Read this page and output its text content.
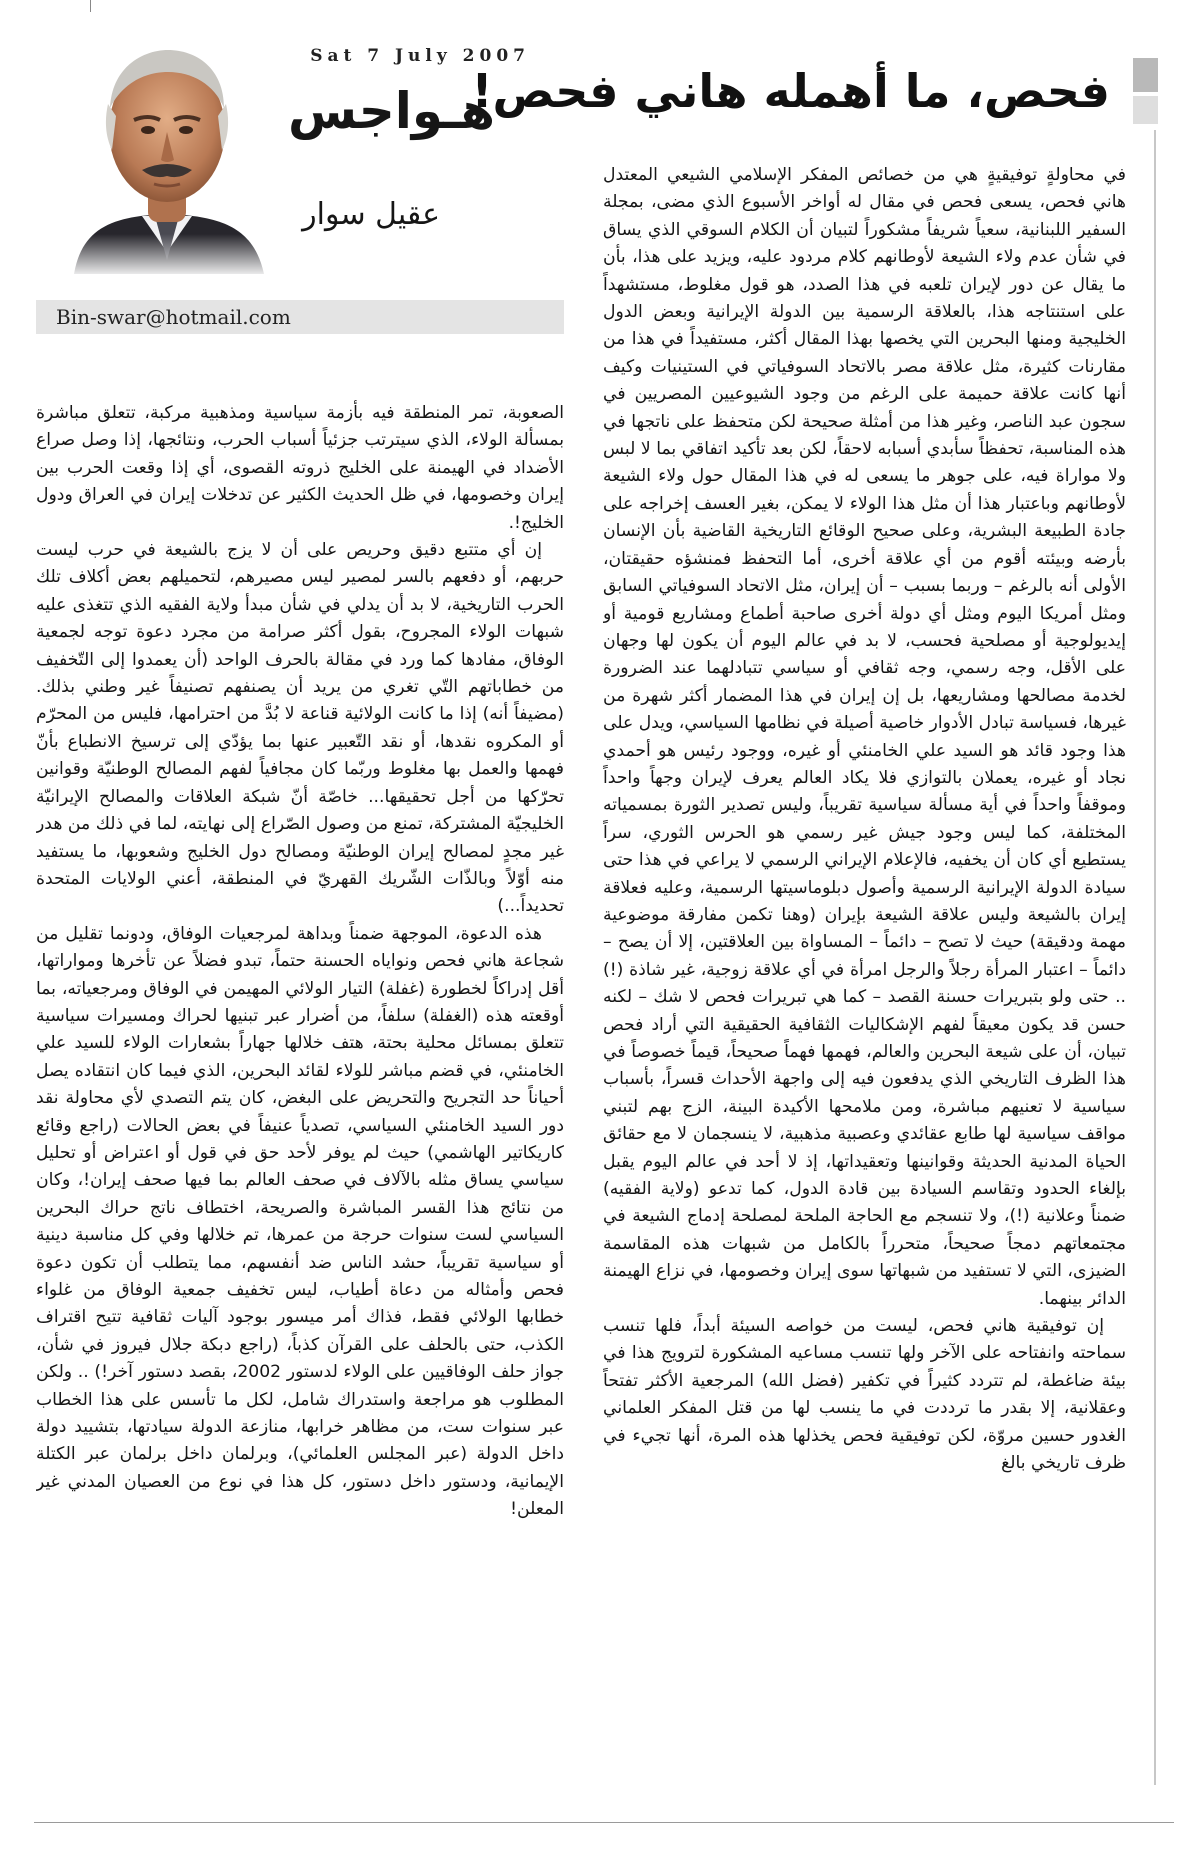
فحص، ما أهمله هاني فحص!
Sat 7 July 2007
هـواجس
عقيل سوار
Bin-swar@hotmail.com

في محاولةٍ توفيقيةٍ هي من خصائص المفكر الإسلامي الشيعي المعتدل هاني فحص، يسعى فحص في مقال له أواخر الأسبوع الذي مضى، بمجلة السفير اللبنانية، سعياً شريفاً مشكوراً لتبيان أن الكلام السوقي الذي يساق في شأن عدم ولاء الشيعة لأوطانهم كلام مردود عليه، ويزيد على هذا، بأن ما يقال عن دور لإيران تلعبه في هذا الصدد، هو قول مغلوط، مستشهداً على استنتاجه هذا، بالعلاقة الرسمية بين الدولة الإيرانية وبعض الدول الخليجية ومنها البحرين التي يخصها بهذا المقال أكثر، مستفيداً في هذا من مقارنات كثيرة، مثل علاقة مصر بالاتحاد السوفياتي في الستينيات وكيف أنها كانت علاقة حميمة على الرغم من وجود الشيوعيين المصريين في سجون عبد الناصر، وغير هذا من أمثلة صحيحة لكن متحفظ على ناتجها في هذه المناسبة، تحفظاً سأبدي أسبابه لاحقاً، لكن بعد تأكيد اتفاقي بما لا لبس ولا مواراة فيه، على جوهر ما يسعى له في هذا المقال حول ولاء الشيعة لأوطانهم وباعتبار هذا أن مثل هذا الولاء لا يمكن، بغير العسف إخراجه على جادة الطبيعة البشرية، وعلى صحيح الوقائع التاريخية القاضية بأن الإنسان بأرضه وبيئته أقوم من أي علاقة أخرى، أما التحفظ فمنشؤه حقيقتان، الأولى أنه بالرغم – وربما بسبب – أن إيران، مثل الاتحاد السوفياتي السابق ومثل أمريكا اليوم ومثل أي دولة أخرى صاحبة أطماع ومشاريع قومية أو إيديولوجية أو مصلحية فحسب، لا بد في عالم اليوم أن يكون لها وجهان على الأقل، وجه رسمي، وجه ثقافي أو سياسي تتبادلهما عند الضرورة لخدمة مصالحها ومشاريعها، بل إن إيران في هذا المضمار أكثر شهرة من غيرها، فسياسة تبادل الأدوار خاصية أصيلة في نظامها السياسي، ويدل على هذا وجود قائد هو السيد علي الخامنئي أو غيره، ووجود رئيس هو أحمدي نجاد أو غيره، يعملان بالتوازي فلا يكاد العالم يعرف لإيران وجهاً واحداً وموقفاً واحداً في أية مسألة سياسية تقريباً، وليس تصدير الثورة بمسمياته المختلفة، كما ليس وجود جيش غير رسمي هو الحرس الثوري، سراً يستطيع أي كان أن يخفيه، فالإعلام الإيراني الرسمي لا يراعي في هذا حتى سيادة الدولة الإيرانية الرسمية وأصول دبلوماسيتها الرسمية، وعليه فعلاقة إيران بالشيعة وليس علاقة الشيعة بإيران (وهنا تكمن مفارقة موضوعية مهمة ودقيقة) حيث لا تصح – دائماً – المساواة بين العلاقتين، إلا أن يصح – دائماً – اعتبار المرأة رجلاً والرجل امرأة في أي علاقة زوجية، غير شاذة (!) .. حتى ولو بتبريرات حسنة القصد – كما هي تبريرات فحص لا شك – لكنه حسن قد يكون معيقاً لفهم الإشكاليات الثقافية الحقيقية التي أراد فحص تبيان، أن على شيعة البحرين والعالم، فهمها فهماً صحيحاً، قيماً خصوصاً في هذا الظرف التاريخي الذي يدفعون فيه إلى واجهة الأحداث قسراً، بأسباب سياسية لا تعنيهم مباشرة، ومن ملامحها الأكيدة البينة، الزج بهم لتبني مواقف سياسية لها طابع عقائدي وعصبية مذهبية، لا ينسجمان لا مع حقائق الحياة المدنية الحديثة وقوانينها وتعقيداتها، إذ لا أحد في عالم اليوم يقبل بإلغاء الحدود وتقاسم السيادة بين قادة الدول، كما تدعو (ولاية الفقيه) ضمناً وعلانية (!)، ولا تنسجم مع الحاجة الملحة لمصلحة إدماج الشيعة في مجتمعاتهم دمجاً صحيحاً، متحرراً بالكامل من شبهات هذه المقاسمة الضيزى، التي لا تستفيد من شبهاتها سوى إيران وخصومها، في نزاع الهيمنة الدائر بينهما.

إن توفيقية هاني فحص، ليست من خواصه السيئة أبداً، فلها تنسب سماحته وانفتاحه على الآخر ولها تنسب مساعيه المشكورة لترويج هذا في بيئة ضاغطة، لم تتردد كثيراً في تكفير (فضل الله) المرجعية الأكثر تفتحاً وعقلانية، إلا بقدر ما ترددت في ما ينسب لها من قتل المفكر العلماني الغدور حسين مروّة، لكن توفيقية فحص يخذلها هذه المرة، أنها تجيء في ظرف تاريخي بالغ

الصعوبة، تمر المنطقة فيه بأزمة سياسية ومذهبية مركبة، تتعلق مباشرة بمسألة الولاء، الذي سيترتب جزئياً أسباب الحرب، ونتائجها، إذا وصل صراع الأضداد في الهيمنة على الخليج ذروته القصوى، أي إذا وقعت الحرب بين إيران وخصومها، في ظل الحديث الكثير عن تدخلات إيران في العراق ودول الخليج!.

إن أي متتبع دقيق وحريص على أن لا يزج بالشيعة في حرب ليست حربهم، أو دفعهم بالسر لمصير ليس مصيرهم، لتحميلهم بعض أكلاف تلك الحرب التاريخية، لا بد أن يدلي في شأن مبدأ ولاية الفقيه الذي تتغذى عليه شبهات الولاء المجروح، بقول أكثر صرامة من مجرد دعوة توجه لجمعية الوفاق، مفادها كما ورد في مقالة بالحرف الواحد (أن يعمدوا إلى التّخفيف من خطاباتهم التّي تغري من يريد أن يصنفهم تصنيفاً غير وطني بذلك. (مضيفاً أنه) إذا ما كانت الولائية قناعة لا بُدَّ من احترامها، فليس من المحرّم أو المكروه نقدها، أو نقد التّعبير عنها بما يؤدّي إلى ترسيخ الانطباع بأنّ فهمها والعمل بها مغلوط وربّما كان مجافياً لفهم المصالح الوطنيّة وقوانين تحرّكها من أجل تحقيقها... خاصّة أنّ شبكة العلاقات والمصالح الإيرانيّة الخليجيّة المشتركة، تمنع من وصول الصّراع إلى نهايته، لما في ذلك من هدر غير مجدٍ لمصالح إيران الوطنيّة ومصالح دول الخليج وشعوبها، ما يستفيد منه أوّلاً وبالذّات الشّريك القهريّ في المنطقة، أعني الولايات المتحدة تحديداً...)

هذه الدعوة، الموجهة ضمناً وبداهة لمرجعيات الوفاق، ودونما تقليل من شجاعة هاني فحص ونواياه الحسنة حتماً، تبدو فضلاً عن تأخرها ومواراتها، أقل إدراكاً لخطورة (غفلة) التيار الولائي المهيمن في الوفاق ومرجعياته، بما أوقعته هذه (الغفلة) سلفاً، من أضرار عبر تبنيها لحراك ومسيرات سياسية تتعلق بمسائل محلية بحتة، هتف خلالها جهاراً بشعارات الولاء للسيد علي الخامنئي، في قضم مباشر للولاء لقائد البحرين، الذي فيما كان انتقاده يصل أحياناً حد التجريح والتحريض على البغض، كان يتم التصدي لأي محاولة نقد دور السيد الخامنئي السياسي، تصدياً عنيفاً في بعض الحالات (راجع وقائع كاريكاتير الهاشمي) حيث لم يوفر لأحد حق في قول أو اعتراض أو تحليل سياسي يساق مثله بالآلاف في صحف العالم بما فيها صحف إيران!، وكان من نتائج هذا القسر المباشرة والصريحة، اختطاف ناتج حراك البحرين السياسي لست سنوات حرجة من عمرها، تم خلالها وفي كل مناسبة دينية أو سياسية تقريباً، حشد الناس ضد أنفسهم، مما يتطلب أن تكون دعوة فحص وأمثاله من دعاة أطياب، ليس تخفيف جمعية الوفاق من غلواء خطابها الولائي فقط، فذاك أمر ميسور بوجود آليات ثقافية تتيح اقتراف الكذب، حتى بالحلف على القرآن كذباً، (راجع دبكة جلال فيروز في شأن، جواز حلف الوفاقيين على الولاء لدستور 2002، بقصد دستور آخر!) .. ولكن المطلوب هو مراجعة واستدراك شامل، لكل ما تأسس على هذا الخطاب عبر سنوات ست، من مظاهر خرابها، منازعة الدولة سيادتها، بتشييد دولة داخل الدولة (عبر المجلس العلمائي)، وبرلمان داخل برلمان عبر الكتلة الإيمانية، ودستور داخل دستور، كل هذا في نوع من العصيان المدني غير المعلن!
